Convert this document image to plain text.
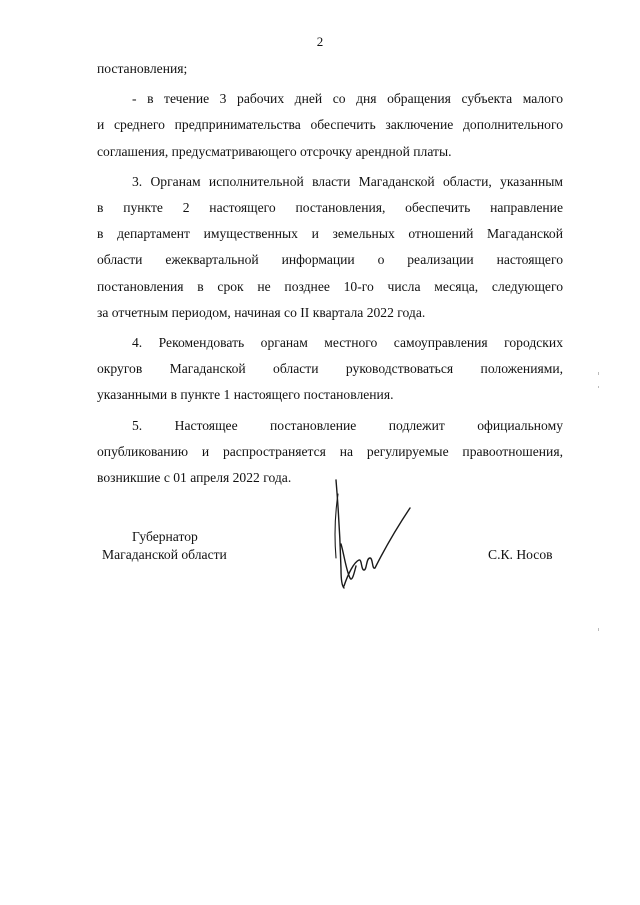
2
постановления;
- в течение 3 рабочих дней со дня обращения субъекта малого
и среднего предпринимательства обеспечить заключение дополнительного
соглашения, предусматривающего отсрочку арендной платы.
3. Органам исполнительной власти Магаданской области, указанным
в пункте 2 настоящего постановления, обеспечить направление
в департамент имущественных и земельных отношений Магаданской
области ежеквартальной информации о реализации настоящего
постановления в срок не позднее 10-го числа месяца, следующего
за отчетным периодом, начиная со II квартала 2022 года.
4. Рекомендовать органам местного самоуправления городских
округов Магаданской области руководствоваться положениями,
указанными в пункте 1 настоящего постановления.
5. Настоящее постановление подлежит официальному
опубликованию и распространяется на регулируемые правоотношения,
возникшие с 01 апреля 2022 года.
Губернатор
Магаданской области	С.К. Носов
